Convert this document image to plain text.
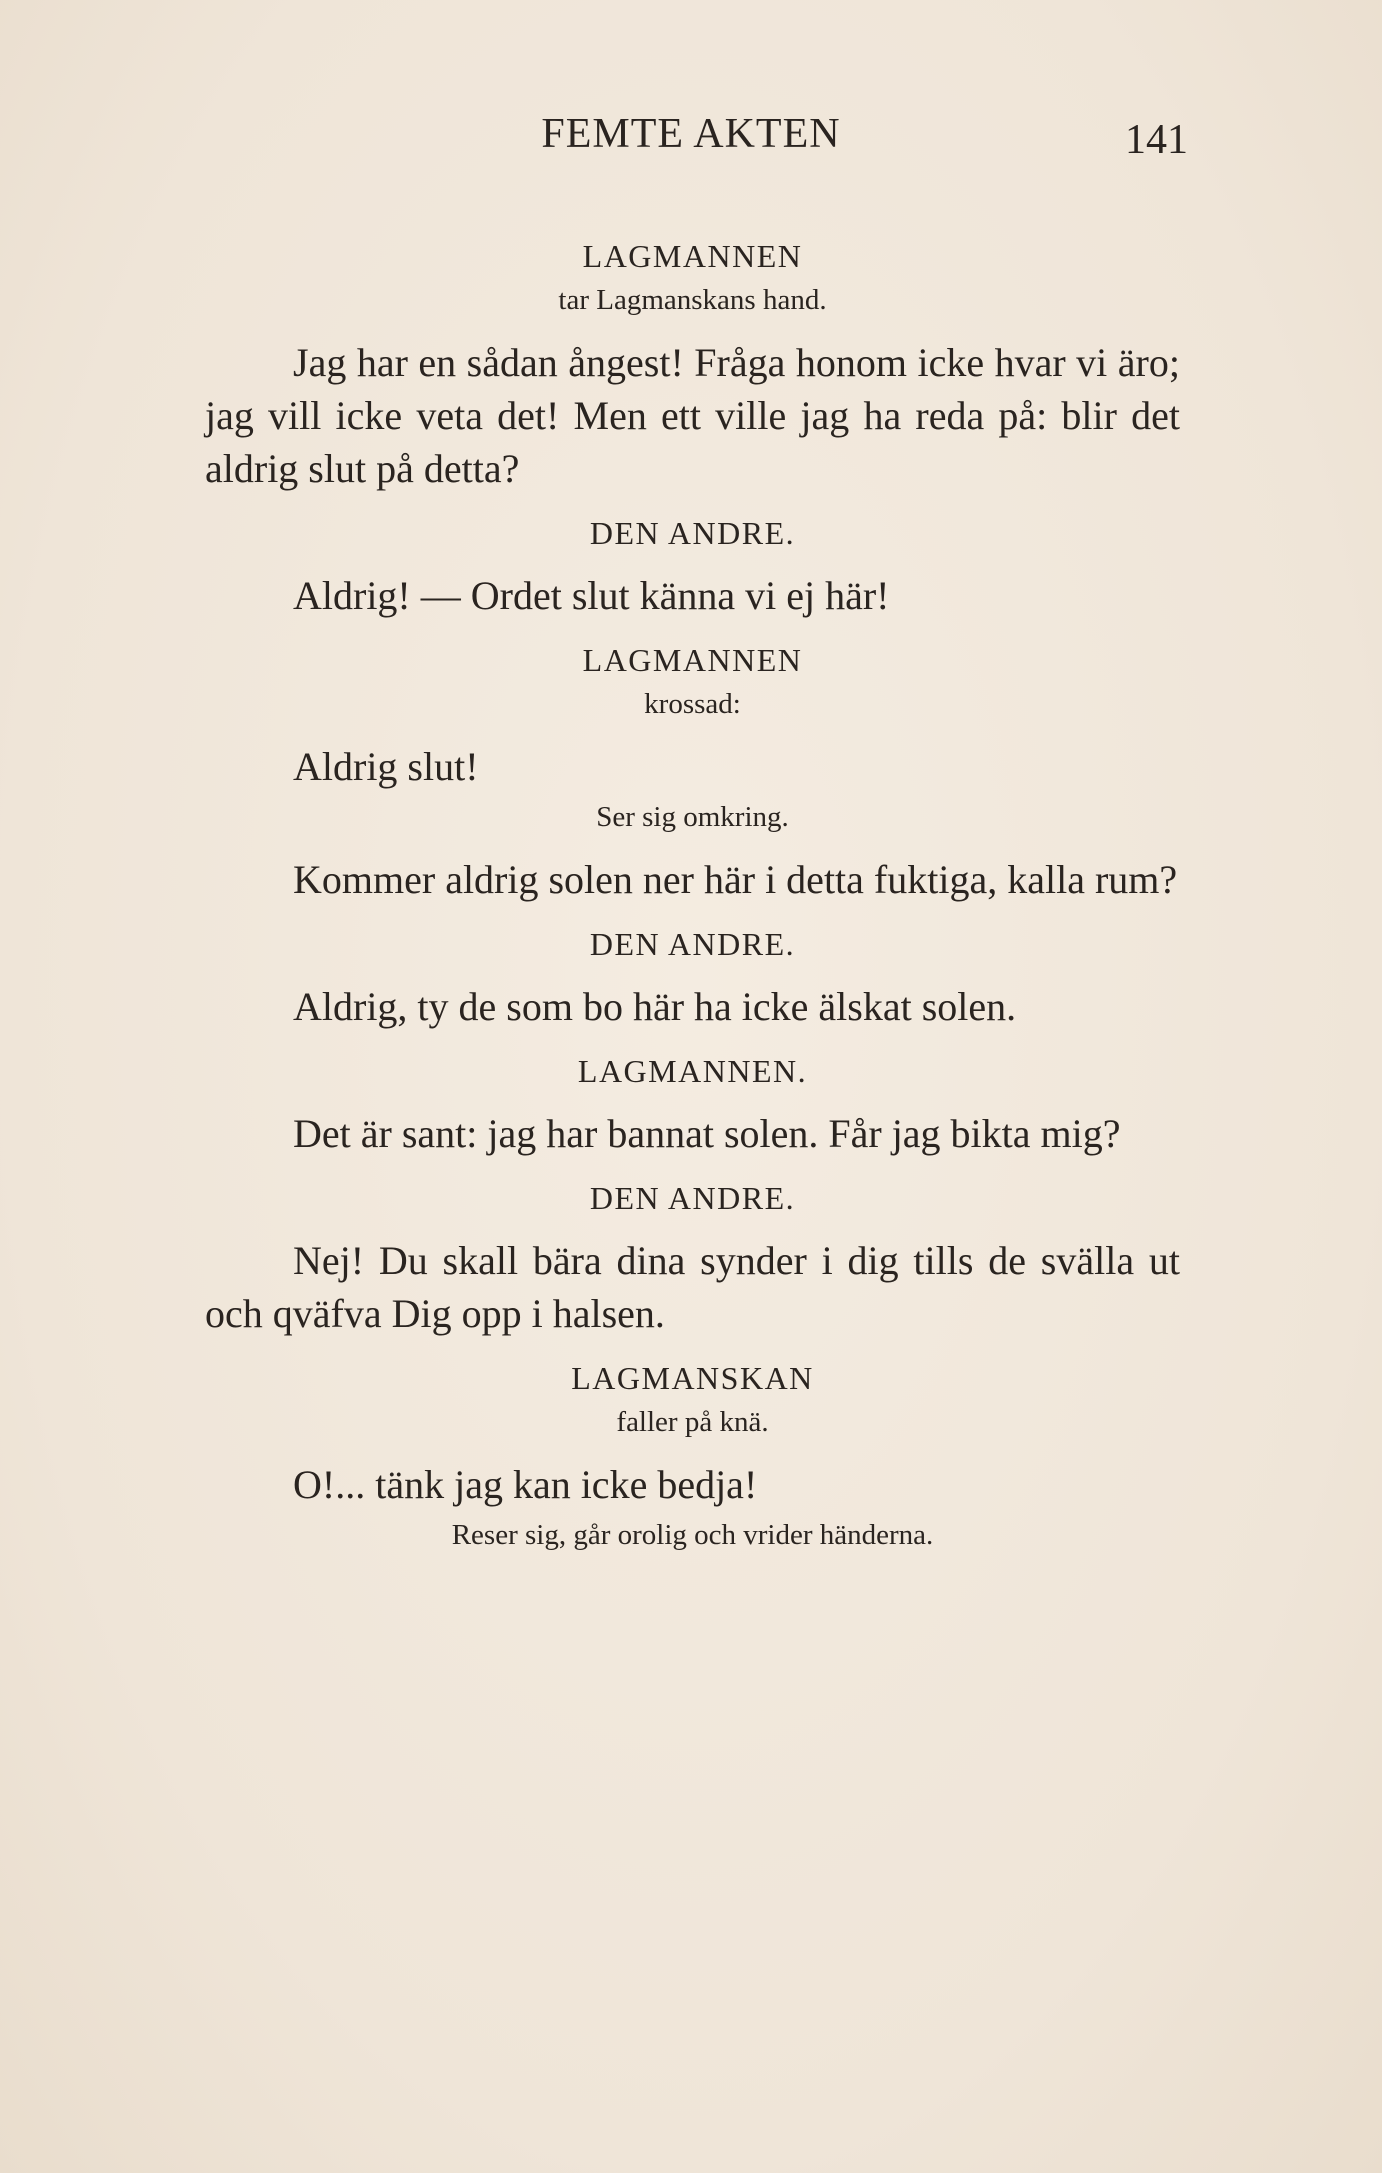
FEMTE AKTEN	141
LAGMANNEN
tar Lagmanskans hand.

Jag har en sådan ångest! Fråga honom icke hvar vi äro; jag vill icke veta det! Men ett ville jag ha reda på: blir det aldrig slut på detta?

DEN ANDRE.

Aldrig! — Ordet slut känna vi ej här!

LAGMANNEN
krossad:

Aldrig slut!

Ser sig omkring.

Kommer aldrig solen ner här i detta fuktiga, kalla rum?

DEN ANDRE.

Aldrig, ty de som bo här ha icke älskat solen.

LAGMANNEN.

Det är sant: jag har bannat solen. Får jag bikta mig?

DEN ANDRE.

Nej! Du skall bära dina synder i dig tills de svälla ut och qväfva Dig opp i halsen.

LAGMANSKAN
faller på knä.

O!... tänk jag kan icke bedja!

Reser sig, går orolig och vrider händerna.
